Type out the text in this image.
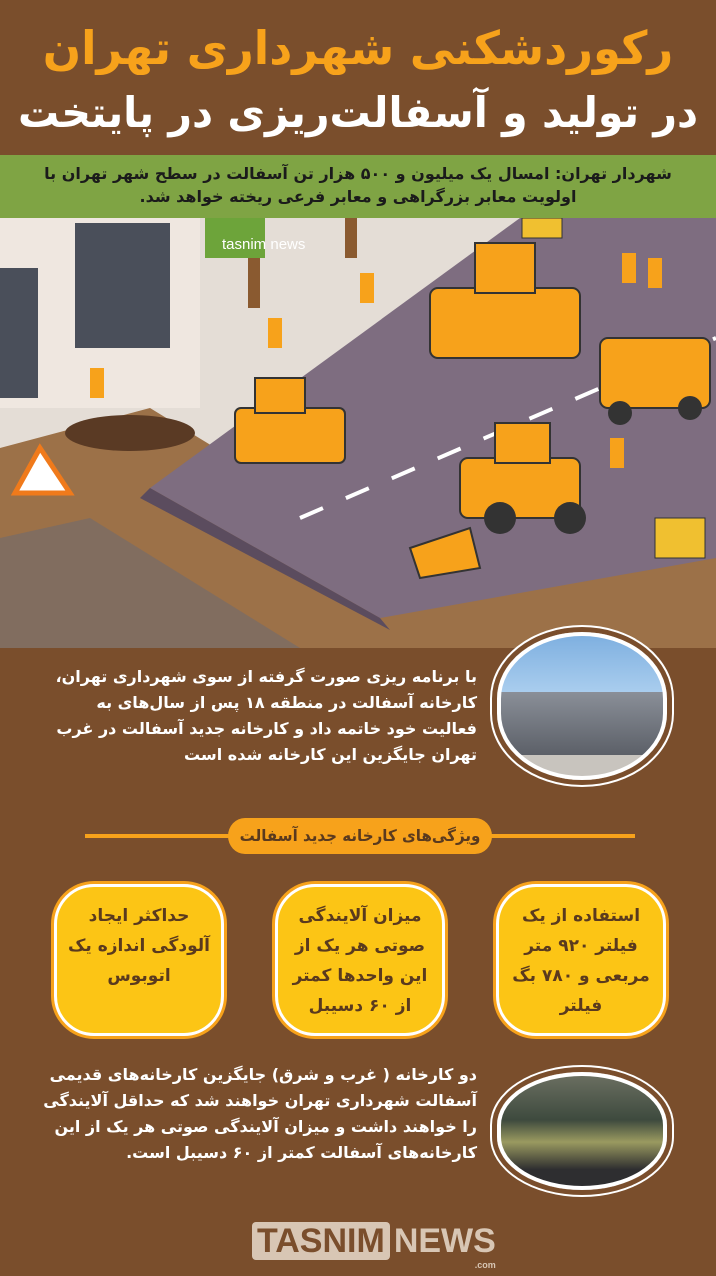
رکوردشکنی شهرداری تهران
در تولید و آسفالت‌ریزی در پایتخت
شهردار تهران: امسال یک میلیون و ۵۰۰ هزار تن آسفالت در سطح شهر تهران با اولویت معابر بزرگراهی و معابر فرعی ریخته خواهد شد.
tasnim news
با برنامه ریزی صورت گرفته از سوی شهرداری تهران، کارخانه آسفالت در منطقه ۱۸ پس از سال‌های به فعالیت خود خاتمه داد و کارخانه جدید آسفالت در غرب تهران جایگزین این کارخانه شده است
ویژگی‌های کارخانه جدید آسفالت
استفاده از یک فیلتر ۹۲۰ متر مربعی و ۷۸۰ بگ فیلتر
میزان آلایندگی صوتی هر یک از این واحدها کمتر از ۶۰ دسیبل
حداکثر ایجاد آلودگی اندازه یک اتوبوس
دو کارخانه ( غرب و شرق) جایگزین کارخانه‌های قدیمی آسفالت شهرداری تهران خواهند شد که حداقل آلایندگی را خواهند داشت و میزان آلایندگی صوتی هر یک از این کارخانه‌های آسفالت کمتر از ۶۰ دسیبل است.
TASNIM NEWS
.com
